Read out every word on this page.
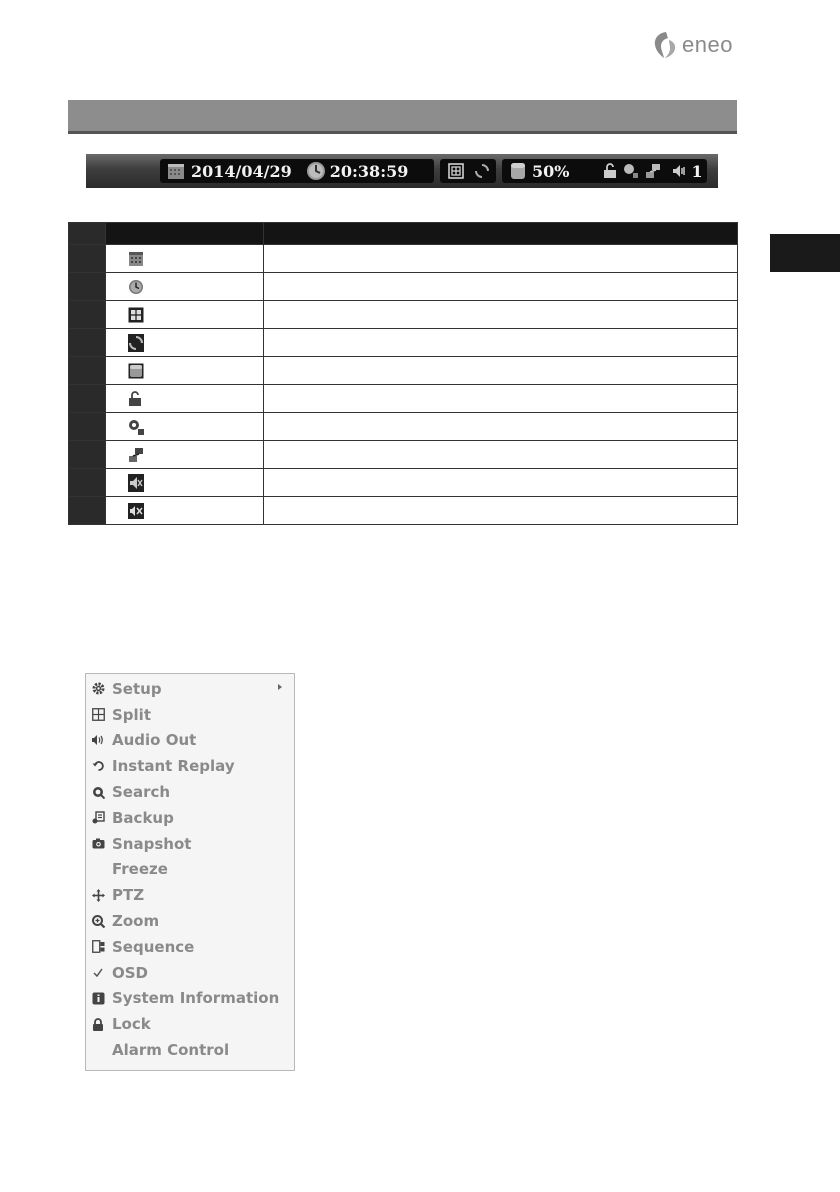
eneo
2014/04/29 20:38:59	50%	1

Setup
Split
Audio Out
Instant Replay
Search
Backup
Snapshot
Freeze
PTZ
Zoom
Sequence
OSD
System Information
Lock
Alarm Control
